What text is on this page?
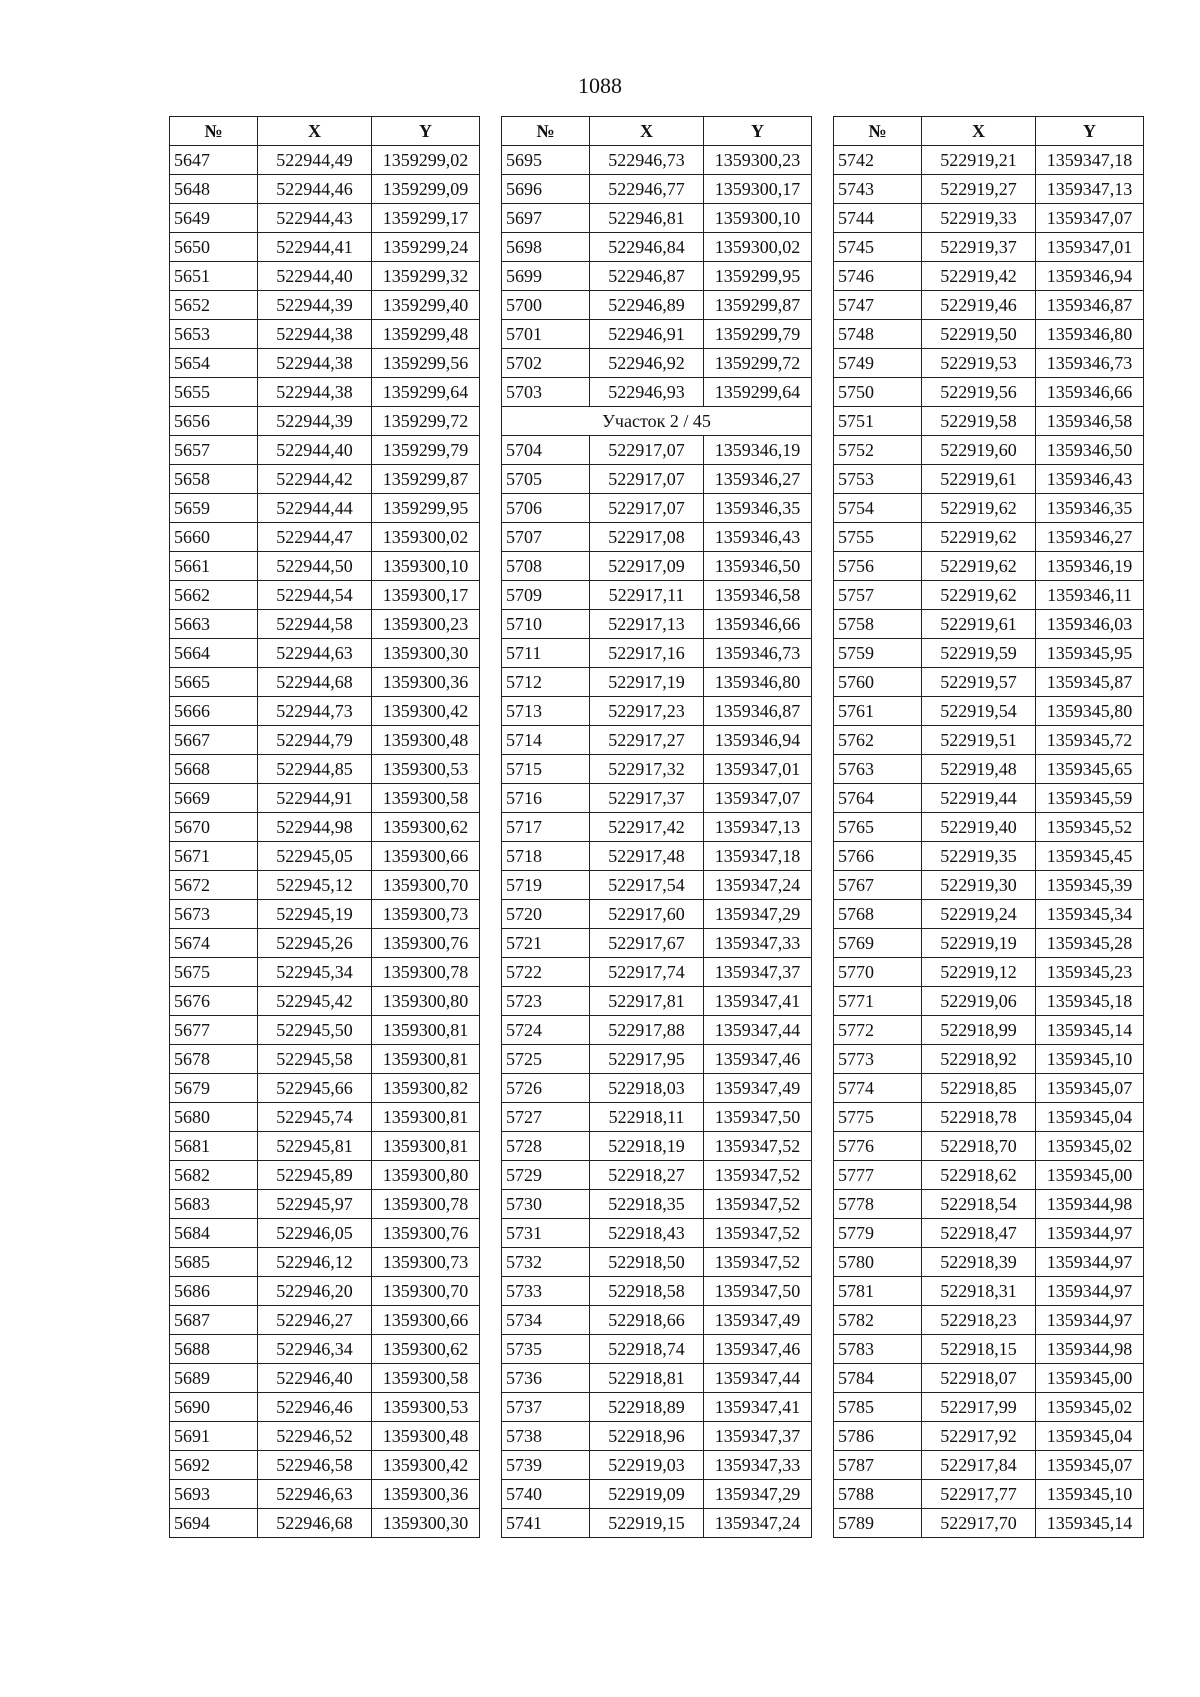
1088
№	X	Y
5647	522944,49	1359299,02
5648	522944,46	1359299,09
5649	522944,43	1359299,17
5650	522944,41	1359299,24
5651	522944,40	1359299,32
5652	522944,39	1359299,40
5653	522944,38	1359299,48
5654	522944,38	1359299,56
5655	522944,38	1359299,64
5656	522944,39	1359299,72
5657	522944,40	1359299,79
5658	522944,42	1359299,87
5659	522944,44	1359299,95
5660	522944,47	1359300,02
5661	522944,50	1359300,10
5662	522944,54	1359300,17
5663	522944,58	1359300,23
5664	522944,63	1359300,30
5665	522944,68	1359300,36
5666	522944,73	1359300,42
5667	522944,79	1359300,48
5668	522944,85	1359300,53
5669	522944,91	1359300,58
5670	522944,98	1359300,62
5671	522945,05	1359300,66
5672	522945,12	1359300,70
5673	522945,19	1359300,73
5674	522945,26	1359300,76
5675	522945,34	1359300,78
5676	522945,42	1359300,80
5677	522945,50	1359300,81
5678	522945,58	1359300,81
5679	522945,66	1359300,82
5680	522945,74	1359300,81
5681	522945,81	1359300,81
5682	522945,89	1359300,80
5683	522945,97	1359300,78
5684	522946,05	1359300,76
5685	522946,12	1359300,73
5686	522946,20	1359300,70
5687	522946,27	1359300,66
5688	522946,34	1359300,62
5689	522946,40	1359300,58
5690	522946,46	1359300,53
5691	522946,52	1359300,48
5692	522946,58	1359300,42
5693	522946,63	1359300,36
5694	522946,68	1359300,30
№	X	Y
5695	522946,73	1359300,23
5696	522946,77	1359300,17
5697	522946,81	1359300,10
5698	522946,84	1359300,02
5699	522946,87	1359299,95
5700	522946,89	1359299,87
5701	522946,91	1359299,79
5702	522946,92	1359299,72
5703	522946,93	1359299,64
Участок 2 / 45		
5704	522917,07	1359346,19
5705	522917,07	1359346,27
5706	522917,07	1359346,35
5707	522917,08	1359346,43
5708	522917,09	1359346,50
5709	522917,11	1359346,58
5710	522917,13	1359346,66
5711	522917,16	1359346,73
5712	522917,19	1359346,80
5713	522917,23	1359346,87
5714	522917,27	1359346,94
5715	522917,32	1359347,01
5716	522917,37	1359347,07
5717	522917,42	1359347,13
5718	522917,48	1359347,18
5719	522917,54	1359347,24
5720	522917,60	1359347,29
5721	522917,67	1359347,33
5722	522917,74	1359347,37
5723	522917,81	1359347,41
5724	522917,88	1359347,44
5725	522917,95	1359347,46
5726	522918,03	1359347,49
5727	522918,11	1359347,50
5728	522918,19	1359347,52
5729	522918,27	1359347,52
5730	522918,35	1359347,52
5731	522918,43	1359347,52
5732	522918,50	1359347,52
5733	522918,58	1359347,50
5734	522918,66	1359347,49
5735	522918,74	1359347,46
5736	522918,81	1359347,44
5737	522918,89	1359347,41
5738	522918,96	1359347,37
5739	522919,03	1359347,33
5740	522919,09	1359347,29
5741	522919,15	1359347,24
№	X	Y
5742	522919,21	1359347,18
5743	522919,27	1359347,13
5744	522919,33	1359347,07
5745	522919,37	1359347,01
5746	522919,42	1359346,94
5747	522919,46	1359346,87
5748	522919,50	1359346,80
5749	522919,53	1359346,73
5750	522919,56	1359346,66
5751	522919,58	1359346,58
5752	522919,60	1359346,50
5753	522919,61	1359346,43
5754	522919,62	1359346,35
5755	522919,62	1359346,27
5756	522919,62	1359346,19
5757	522919,62	1359346,11
5758	522919,61	1359346,03
5759	522919,59	1359345,95
5760	522919,57	1359345,87
5761	522919,54	1359345,80
5762	522919,51	1359345,72
5763	522919,48	1359345,65
5764	522919,44	1359345,59
5765	522919,40	1359345,52
5766	522919,35	1359345,45
5767	522919,30	1359345,39
5768	522919,24	1359345,34
5769	522919,19	1359345,28
5770	522919,12	1359345,23
5771	522919,06	1359345,18
5772	522918,99	1359345,14
5773	522918,92	1359345,10
5774	522918,85	1359345,07
5775	522918,78	1359345,04
5776	522918,70	1359345,02
5777	522918,62	1359345,00
5778	522918,54	1359344,98
5779	522918,47	1359344,97
5780	522918,39	1359344,97
5781	522918,31	1359344,97
5782	522918,23	1359344,97
5783	522918,15	1359344,98
5784	522918,07	1359345,00
5785	522917,99	1359345,02
5786	522917,92	1359345,04
5787	522917,84	1359345,07
5788	522917,77	1359345,10
5789	522917,70	1359345,14
